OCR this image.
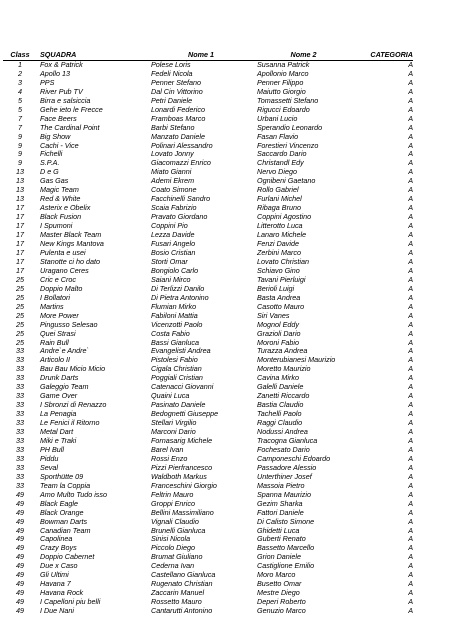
Class	SQUADRA	Nome 1	Nome 2	CATEGORIA
1	Fox & Patrick	Polese Loris	Susanna Patrick	A
2	Apollo 13	Fedeli Nicola	Apollonio Marco	A
3	PPS	Penner Stefano	Penner Filippo	A
4	River Pub TV	Dal Cin Vittorino	Maiutto Giorgio	A
5	Birra e salsiccia	Petri Daniele	Tomassetti Stefano	A
5	Gehe ieto le Frecce	Lonardi Federico	Rigucci Edoardo	A
7	Face Beers	Framboas Marco	Urbani Lucio	A
7	The Cardinal Point	Barbi Stefano	Sperandio Leonardo	A
9	Big Show	Manzato Daniele	Fasan Flavio	A
9	Cachi - Vice	Polinari Alessandro	Forestieri Vincenzo	A
9	Fichelli	Lovato Jonny	Saccardo Dario	A
9	S.P.A.	Giacomazzi Enrico	Christandl Edy	A
13	D e G	Miato Gianni	Nervo Diego	A
13	Gas Gas	Ademi Ekrem	Ognibeni Gaetano	A
13	Magic Team	Coato Simone	Rollo Gabriel	A
13	Red & White	Facchinelli Sandro	Furlani Michel	A
17	Asterix e Obelix	Scaia Fabrizio	Ribaga Bruno	A
17	Black Fusion	Pravato Giordano	Coppini Agostino	A
17	I Spumoni	Coppini Pio	Litterotto Luca	A
17	Master Black Team	Lezza Davide	Lanaro Michele	A
17	New Kings Mantova	Fusari Angelo	Fenzi Davide	A
17	Pulenta e usei	Bosio Cristian	Zerbini Marco	A
17	Stanotte ci ho dato	Storti Omar	Lovato Christian	A
17	Uragano Ceres	Bongiolo Carlo	Schiavo Gino	A
25	Cric e Croc	Saiani Mirco	Tavani Pierluigi	A
25	Doppio Malto	Di Terlizzi Danilo	Berioli Luigi	A
25	I Bollatori	Di Pietra Antonino	Basta Andrea	A
25	Martins	Flumian Mirko	Casotto Mauro	A
25	More Power	Fabiloni Mattia	Siri Vanes	A
25	Pingusso Selesao	Vicenzotti Paolo	Mognol Eddy	A
25	Quei Strasi	Costa Fabio	Grazioli Dario	A
25	Rain Bull	Bassi Gianluca	Moroni Fabio	A
33	Andre`e Andre`	Evangelisti Andrea	Turazza Andrea	A
33	Articolo II	Pistolesi Fabio	Monterubianesi Maurizio	A
33	Bau Bau Micio Micio	Cigala Christian	Moretto Maurizio	A
33	Drunk Darts	Poggiali Cristian	Cavina Mirko	A
33	Galeggio Team	Catenacci Giovanni	Galelli Daniele	A
33	Game Over	Quaini Luca	Zanetti Riccardo	A
33	I Sbronzi di Renazzo	Pasinato Daniele	Bastia Claudio	A
33	La Penagia	Bedognetti Giuseppe	Tachelli Paolo	A
33	Le Fenici il Ritorno	Stellari Virgilio	Raggi Claudio	A
33	Metal Dart	Marconi Dario	Nodussi Andrea	A
33	Miki e Traki	Fornasarig Michele	Tracogna Gianluca	A
33	PH Bull	Barel Ivan	Fochesato Dario	A
33	Piddu	Rossi Enzo	Camponeschi Edoardo	A
33	Seval	Pizzi Pierfrancesco	Passadore Alessio	A
33	Sporthütte 09	Waldboth Markus	Unterthiner Josef	A
33	Team la Coppia	Franceschini Giorgio	Massoia Pietro	A
49	Amo Multo Tudo isso	Feltrin Mauro	Spanna Maurizio	A
49	Black Eagle	Groppi Enrico	Gezim Sharka	A
49	Black Orange	Bellini Massimiliano	Fattori Daniele	A
49	Bowman Darts	Vignali Claudio	Di Calisto Simone	A
49	Canadian Team	Brunelli Gianluca	Ghidetti Luca	A
49	Capolinea	Sinisi Nicola	Guberti Renato	A
49	Crazy Boys	Piccolo Diego	Bassetto Marcello	A
49	Doppio Cabernet	Brumat Giuliano	Grion Daniele	A
49	Due x Caso	Cederna Ivan	Castiglione Emilio	A
49	Gli Ultimi	Castellano Gianluca	Moro Marco	A
49	Havana 7	Rugenato Christian	Busetto Omar	A
49	Havana Rock	Zaccarin Manuel	Mestre Diego	A
49	I Capelloni piu belli	Rossetto Mauro	Deperi Roberto	A
49	I Due Nani	Cantarutti Antonino	Genuzio Marco	A
